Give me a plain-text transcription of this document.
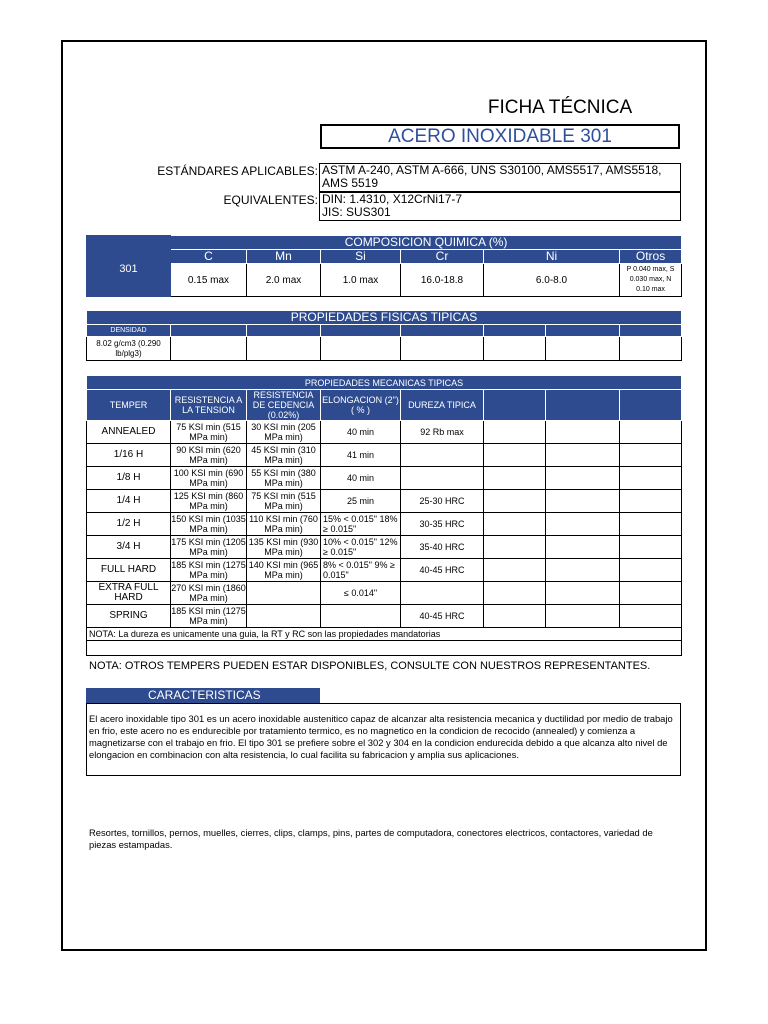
FICHA TÉCNICA
ACERO INOXIDABLE 301
ESTÁNDARES APLICABLES: ASTM A-240, ASTM A-666, UNS S30100, AMS5517, AMS5518, AMS 5519
EQUIVALENTES: DIN: 1.4310, X12CrNi17-7
JIS: SUS301
	COMPOSICION QUIMICA (%)					
	C	Mn	Si	Cr	Ni	Otros
301	0.15 max	2.0 max	1.0 max	16.0-18.8	6.0-8.0	P 0.040 max, S 0.030 max, N 0.10 max
PROPIEDADES FISICAS TIPICAS							
DENSIDAD							
8.02 g/cm3 (0.290 lb/plg3)							
PROPIEDADES MECANICAS TIPICAS							
TEMPER	RESISTENCIA A LA TENSION	RESISTENCIA DE CEDENCIA (0.02%)	ELONGACION (2") ( % )	DUREZA TIPICA			
ANNEALED	75 KSI min (515 MPa min)	30 KSI min (205 MPa min)	40 min	92 Rb max			
1/16 H	90 KSI min (620 MPa min)	45 KSI min (310 MPa min)	41 min				
1/8 H	100 KSI min (690 MPa min)	55 KSI min (380 MPa min)	40 min				
1/4 H	125 KSI min (860 MPa min)	75 KSI min (515 MPa min)	25 min	25-30 HRC			
1/2 H	150 KSI min (1035 MPa min)	110 KSI min (760 MPa min)	15% < 0.015" 18% ≥ 0.015"	30-35 HRC			
3/4 H	175 KSI min (1205 MPa min)	135 KSI min (930 MPa min)	10% < 0.015" 12% ≥ 0.015"	35-40 HRC			
FULL HARD	185 KSI min (1275 MPa min)	140 KSI min (965 MPa min)	8% < 0.015" 9% ≥ 0.015"	40-45 HRC			
EXTRA FULL HARD	270 KSI min (1860 MPa min)		≤ 0.014"				
SPRING	185 KSI min (1275 MPa min)			40-45 HRC			
NOTA: La dureza es unicamente una guia, la RT y RC son las propiedades mandatorias							

NOTA: OTROS TEMPERS PUEDEN ESTAR DISPONIBLES, CONSULTE CON NUESTROS REPRESENTANTES.
CARACTERISTICAS
El acero inoxidable tipo 301 es un acero inoxidable austenitico capaz de alcanzar alta resistencia mecanica y ductilidad por medio de trabajo en frio, este acero no es endurecible por tratamiento termico, es no magnetico en la condicion de recocido (annealed) y comienza a magnetizarse con el trabajo en frio. El tipo 301 se prefiere sobre el 302 y 304 en la condicion endurecida debido a que alcanza alto nivel de elongacion en combinacion con alta resistencia, lo cual facilita su fabricacion y amplia sus aplicaciones.
Resortes, tornillos, pernos, muelles, cierres, clips, clamps, pins, partes de computadora, conectores electricos, contactores, variedad de piezas estampadas.
